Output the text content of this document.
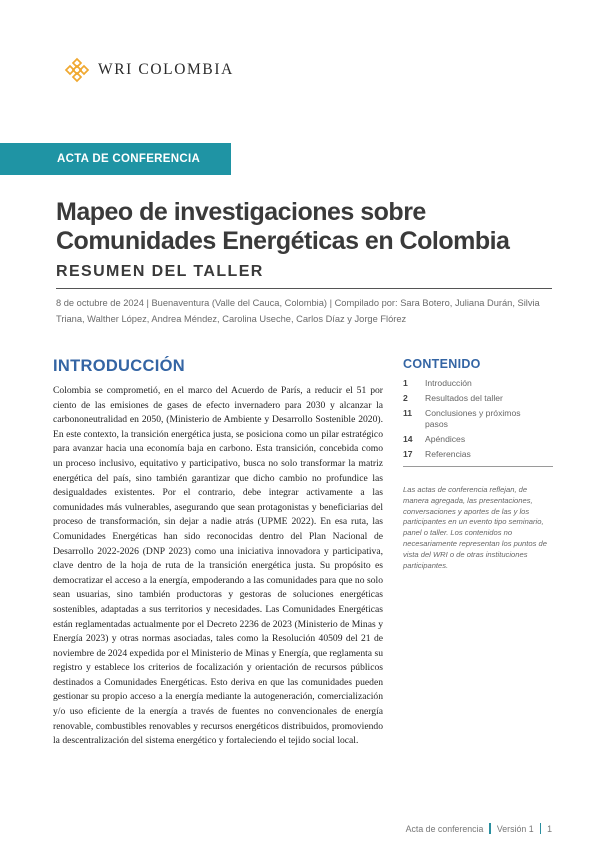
WRI COLOMBIA
ACTA DE CONFERENCIA
Mapeo de investigaciones sobre Comunidades Energéticas en Colombia
RESUMEN DEL TALLER

8 de octubre de 2024 | Buenaventura (Valle del Cauca, Colombia) | Compilado por: Sara Botero, Juliana Durán, Silvia Triana, Walther López, Andrea Méndez, Carolina Useche, Carlos Díaz y Jorge Flórez

INTRODUCCIÓN

Colombia se comprometió, en el marco del Acuerdo de París, a reducir el 51 por ciento de las emisiones de gases de efecto invernadero para 2030 y alcanzar la carbononeutralidad en 2050, (Ministerio de Ambiente y Desarrollo Sostenible 2020). En este contexto, la transición energética justa, se posiciona como un pilar estratégico para avanzar hacia una economía baja en carbono. Esta transición, concebida como un proceso inclusivo, equitativo y participativo, busca no solo transformar la matriz energética del país, sino también garantizar que dicho cambio no profundice las desigualdades existentes. Por el contrario, debe integrar activamente a las comunidades más vulnerables, asegurando que sean protagonistas y beneficiarias del proceso de transformación, sin dejar a nadie atrás (UPME 2022). En esa ruta, las Comunidades Energéticas han sido reconocidas dentro del Plan Nacional de Desarrollo 2022-2026 (DNP 2023) como una iniciativa innovadora y participativa, clave dentro de la hoja de ruta de la transición energética justa. Su propósito es democratizar el acceso a la energía, empoderando a las comunidades para que no solo sean usuarias, sino también productoras y gestoras de soluciones energéticas sostenibles, adaptadas a sus territorios y necesidades. Las Comunidades Energéticas están reglamentadas actualmente por el Decreto 2236 de 2023 (Ministerio de Minas y Energía 2023) y otras normas asociadas, tales como la Resolución 40509 del 21 de noviembre de 2024 expedida por el Ministerio de Minas y Energía, que reglamenta su registro y establece los criterios de focalización y orientación de recursos públicos destinados a Comunidades Energéticas. Esto deriva en que las comunidades pueden gestionar su propio acceso a la energía mediante la autogeneración, comercialización y/o uso eficiente de la energía a través de fuentes no convencionales de energía renovable, combustibles renovables y recursos energéticos distribuidos, promoviendo la descentralización del sistema energético y fortaleciendo el tejido social local.

CONTENIDO
1	Introducción
2	Resultados del taller
11	Conclusiones y próximos pasos
14	Apéndices
17	Referencias

Las actas de conferencia reflejan, de manera agregada, las presentaciones, conversaciones y aportes de las y los participantes en un evento tipo seminario, panel o taller. Los contenidos no necesariamente representan los puntos de vista del WRI o de otras instituciones participantes.

Acta de conferencia Versión 1 1
